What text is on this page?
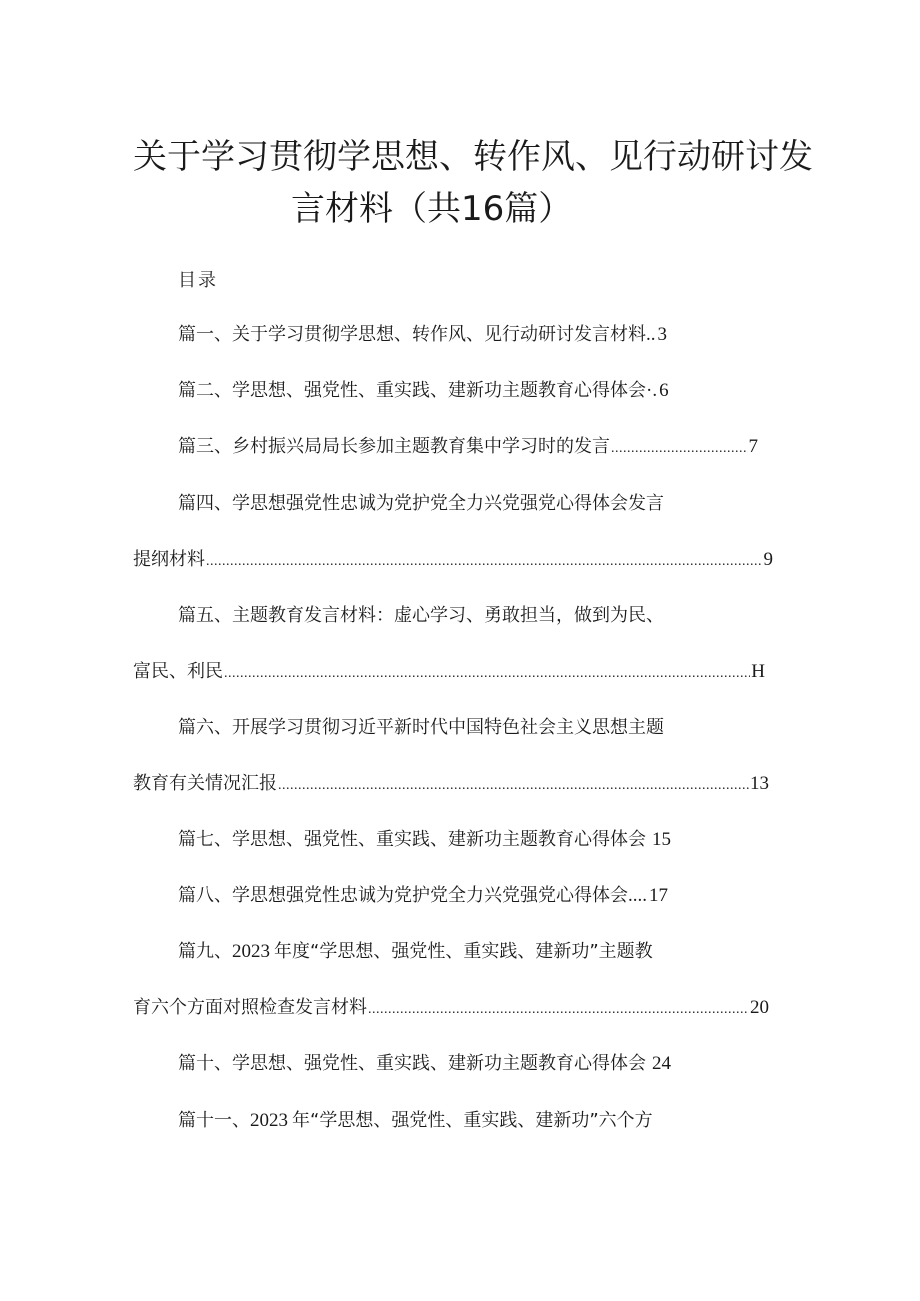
关于学习贯彻学思想、转作风、见行动研讨发
言材料（共16篇）
目录
篇一、关于学习贯彻学思想、转作风、见行动研讨发言材料 .. 3
篇二、学思想、强党性、重实践、建新功主题教育心得体会 ·. 6
篇三、乡村振兴局局长参加主题教育集中学习时的发言 .....	7
篇四、学思想强党性忠诚为党护党全力兴党强党心得体会发言
提纲材料 .....	9
篇五、主题教育发言材料：虚心学习、勇敢担当，做到为民、
富民、利民 .....	H
篇六、开展学习贯彻习近平新时代中国特色社会主义思想主题
教育有关情况汇报 .....	13
篇七、学思想、强党性、重实践、建新功主题教育心得体会 15
篇八、学思想强党性忠诚为党护党全力兴党强党心得体会 .... 17
篇九、 2023 年度“学思想、强党性、重实践、建新功”主题教
育六个方面对照检查发言材料 .....	20
篇十、学思想、强党性、重实践、建新功主题教育心得体会 24
篇十一、 2023 年“学思想、强党性、重实践、建新功”六个方
